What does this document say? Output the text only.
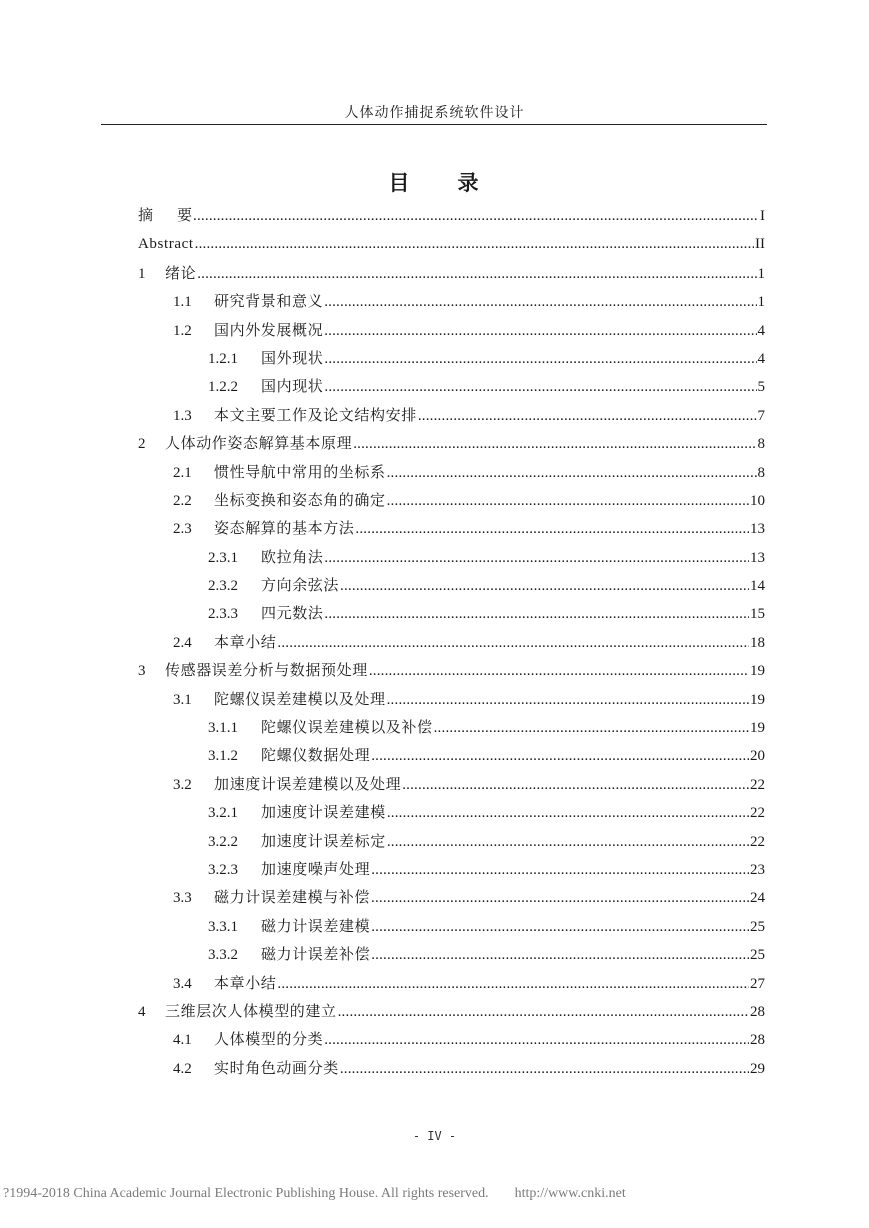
人体动作捕捉系统软件设计
目 录
摘 要 .....	I
Abstract .....	II
1	绪论 .....	1
1.1	研究背景和意义 .....	1
1.2	国内外发展概况 .....	4
1.2.1	国外现状 .....	4
1.2.2	国内现状 .....	5
1.3	本文主要工作及论文结构安排 .....	7
2	人体动作姿态解算基本原理 .....	8
2.1	惯性导航中常用的坐标系 .....	8
2.2	坐标变换和姿态角的确定 .....	10
2.3	姿态解算的基本方法 .....	13
2.3.1	欧拉角法 .....	13
2.3.2	方向余弦法 .....	14
2.3.3	四元数法 .....	15
2.4	本章小结 .....	18
3	传感器误差分析与数据预处理 .....	19
3.1	陀螺仪误差建模以及处理 .....	19
3.1.1	陀螺仪误差建模以及补偿 .....	19
3.1.2	陀螺仪数据处理 .....	20
3.2	加速度计误差建模以及处理 .....	22
3.2.1	加速度计误差建模 .....	22
3.2.2	加速度计误差标定 .....	22
3.2.3	加速度噪声处理 .....	23
3.3	磁力计误差建模与补偿 .....	24
3.3.1	磁力计误差建模 .....	25
3.3.2	磁力计误差补偿 .....	25
3.4	本章小结 .....	27
4	三维层次人体模型的建立 .....	28
4.1	人体模型的分类 .....	28
4.2	实时角色动画分类 .....	29
- IV -
?1994-2018 China Academic Journal Electronic Publishing House. All rights reserved. http://www.cnki.net
